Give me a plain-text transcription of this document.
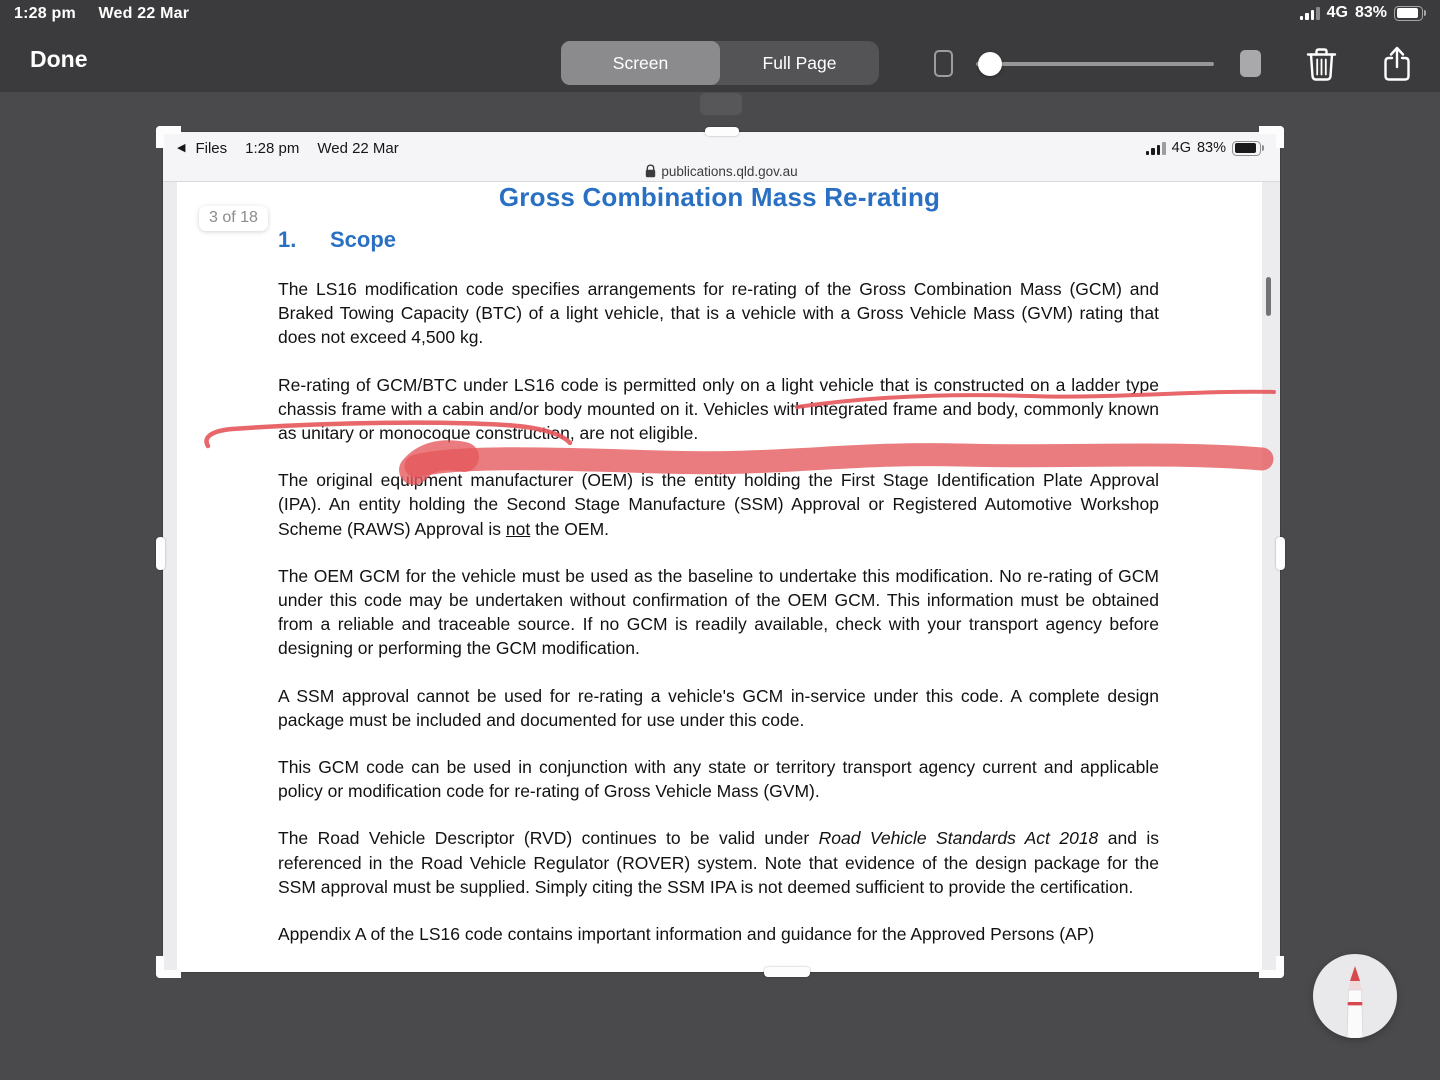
1:28 pm Wed 22 Mar	4G 83%
Done	Screen	Full Page
◀ Files 1:28 pm Wed 22 Mar	4G 83%
publications.qld.gov.au
Gross Combination Mass Re-rating
3 of 18
1. Scope

The LS16 modification code specifies arrangements for re-rating of the Gross Combination Mass (GCM) and Braked Towing Capacity (BTC) of a light vehicle, that is a vehicle with a Gross Vehicle Mass (GVM) rating that does not exceed 4,500 kg.

Re-rating of GCM/BTC under LS16 code is permitted only on a light vehicle that is constructed on a ladder type chassis frame with a cabin and/or body mounted on it. Vehicles with integrated frame and body, commonly known as unitary or monocoque construction, are not eligible.

The original equipment manufacturer (OEM) is the entity holding the First Stage Identification Plate Approval (IPA). An entity holding the Second Stage Manufacture (SSM) Approval or Registered Automotive Workshop Scheme (RAWS) Approval is not the OEM.

The OEM GCM for the vehicle must be used as the baseline to undertake this modification. No re-rating of GCM under this code may be undertaken without confirmation of the OEM GCM. This information must be obtained from a reliable and traceable source. If no GCM is readily available, check with your transport agency before designing or performing the GCM modification.

A SSM approval cannot be used for re-rating a vehicle's GCM in-service under this code. A complete design package must be included and documented for use under this code.

This GCM code can be used in conjunction with any state or territory transport agency current and applicable policy or modification code for re-rating of Gross Vehicle Mass (GVM).

The Road Vehicle Descriptor (RVD) continues to be valid under Road Vehicle Standards Act 2018 and is referenced in the Road Vehicle Regulator (ROVER) system. Note that evidence of the design package for the SSM approval must be supplied. Simply citing the SSM IPA is not deemed sufficient to provide the certification.

Appendix A of the LS16 code contains important information and guidance for the Approved Persons (AP)
